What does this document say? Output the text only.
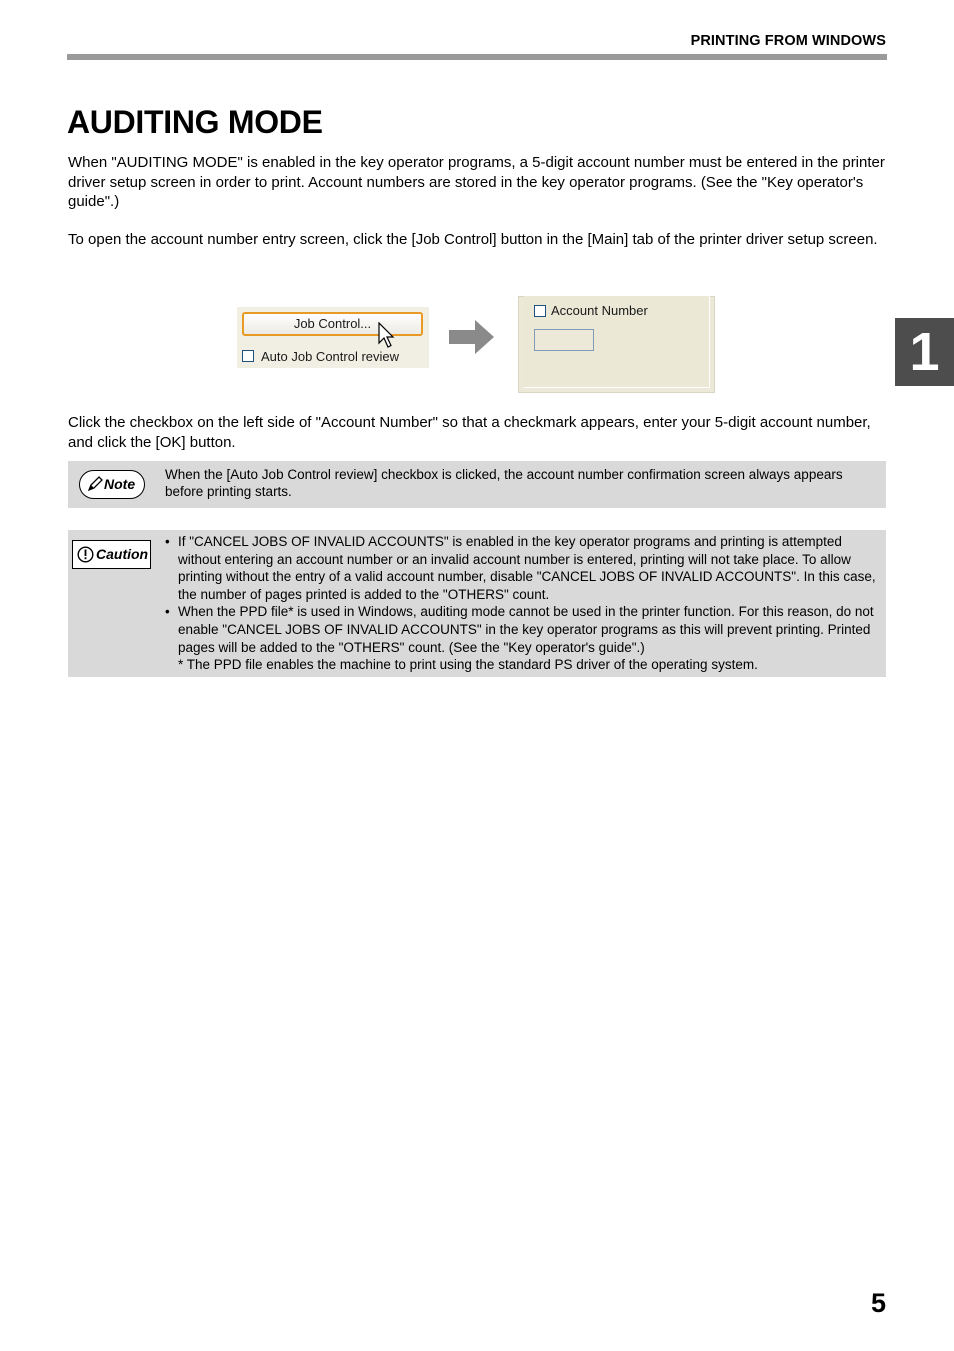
PRINTING FROM WINDOWS
AUDITING MODE

When "AUDITING MODE" is enabled in the key operator programs, a 5-digit account number must be entered in the printer driver setup screen in order to print. Account numbers are stored in the key operator programs. (See the "Key operator's guide".)

To open the account number entry screen, click the [Job Control] button in the [Main] tab of the printer driver setup screen.

Job Control...
Auto Job Control review
Account Number

Click the checkbox on the left side of "Account Number" so that a checkmark appears, enter your 5-digit account number, and click the [OK] button.

Note
When the [Auto Job Control review] checkbox is clicked, the account number confirmation screen always appears before printing starts.
Caution
• If "CANCEL JOBS OF INVALID ACCOUNTS" is enabled in the key operator programs and printing is attempted without entering an account number or an invalid account number is entered, printing will not take place. To allow printing without the entry of a valid account number, disable "CANCEL JOBS OF INVALID ACCOUNTS". In this case, the number of pages printed is added to the "OTHERS" count.
• When the PPD file* is used in Windows, auditing mode cannot be used in the printer function. For this reason, do not enable "CANCEL JOBS OF INVALID ACCOUNTS" in the key operator programs as this will prevent printing. Printed pages will be added to the "OTHERS" count. (See the "Key operator's guide".)
* The PPD file enables the machine to print using the standard PS driver of the operating system.
1
5
